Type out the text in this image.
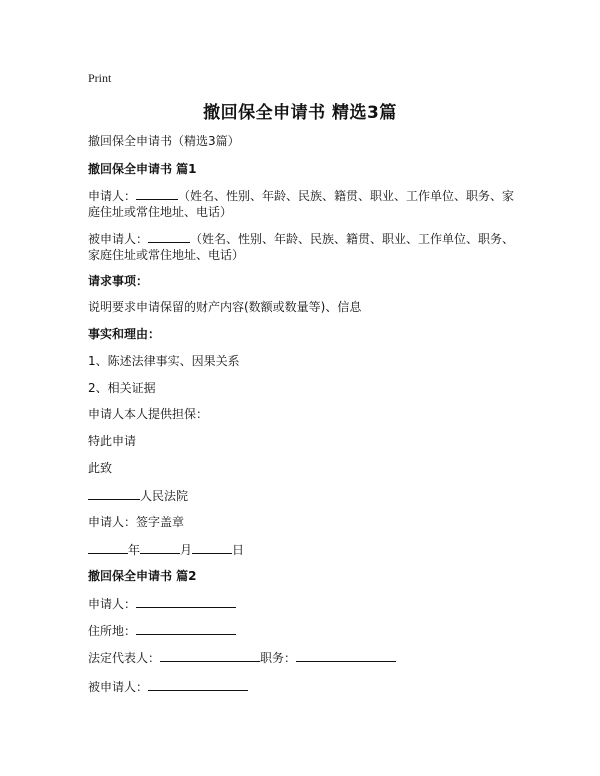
Print
撤回保全申请书 精选3篇
撤回保全申请书（精选3篇）
撤回保全申请书 篇1
申请人：	（姓名、性别、年龄、民族、籍贯、职业、工作单位、职务、家
庭住址或常住地址、电话）
被申请人：	（姓名、性别、年龄、民族、籍贯、职业、工作单位、职务、
家庭住址或常住地址、电话）
请求事项：
说明要求申请保留的财产内容(数额或数量等)、信息
事实和理由：
1、陈述法律事实、因果关系
2、相关证据
申请人本人提供担保：
特此申请
此致
人民法院
申请人：签字盖章
年	月	日
撤回保全申请书 篇2
申请人：
住所地：
法定代表人：	职务：
被申请人：
